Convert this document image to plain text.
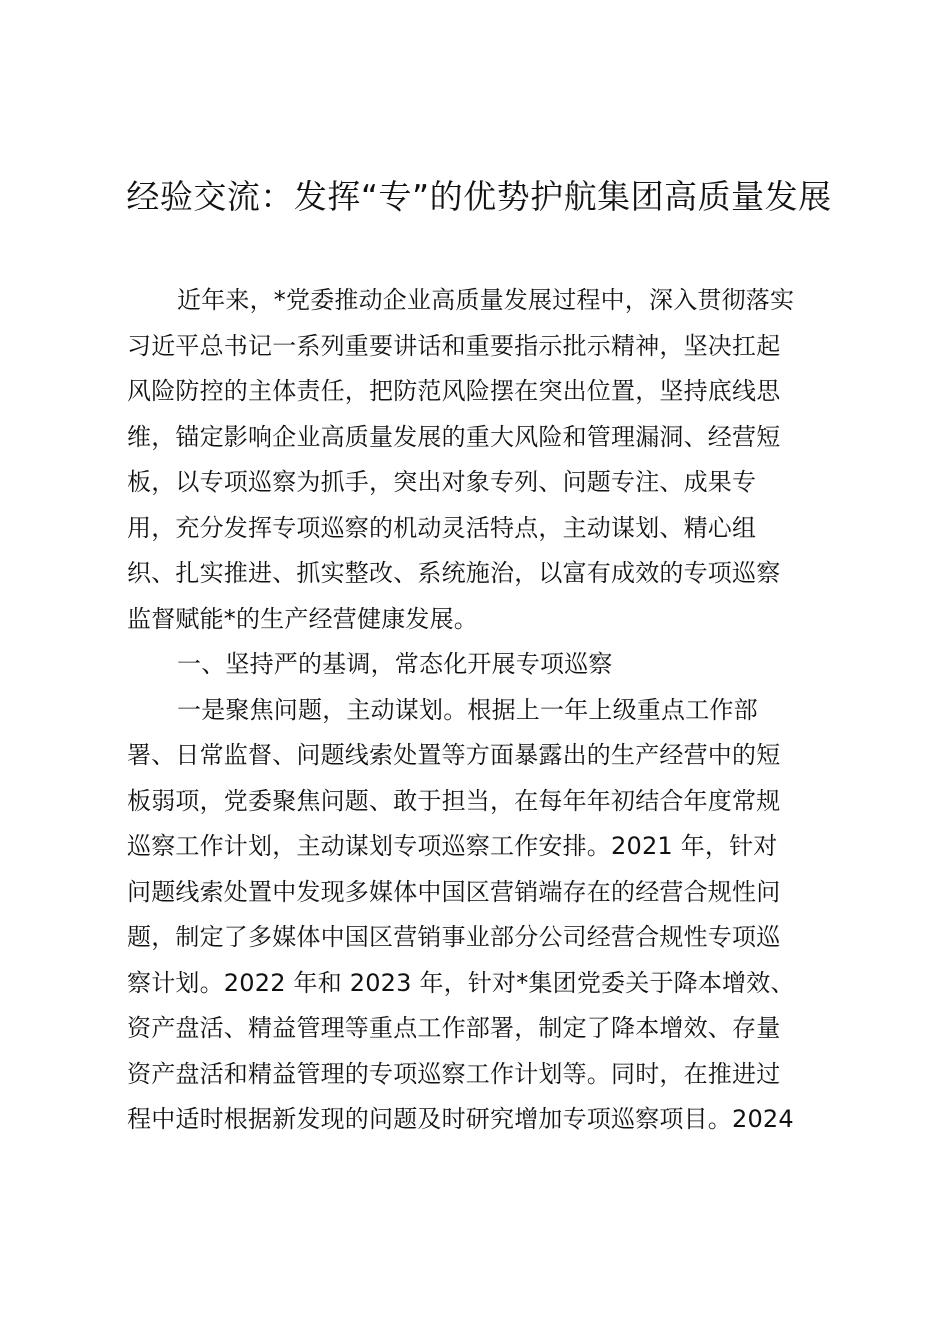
经验交流：发挥“专”的优势护航集团高质量发展
近年来，*党委推动企业高质量发展过程中，深入贯彻落实
习近平总书记一系列重要讲话和重要指示批示精神，坚决扛起
风险防控的主体责任，把防范风险摆在突出位置，坚持底线思
维，锚定影响企业高质量发展的重大风险和管理漏洞、经营短
板，以专项巡察为抓手，突出对象专列、问题专注、成果专
用，充分发挥专项巡察的机动灵活特点，主动谋划、精心组
织、扎实推进、抓实整改、系统施治，以富有成效的专项巡察
监督赋能*的生产经营健康发展。
一、坚持严的基调，常态化开展专项巡察
一是聚焦问题，主动谋划。根据上一年上级重点工作部
署、日常监督、问题线索处置等方面暴露出的生产经营中的短
板弱项，党委聚焦问题、敢于担当，在每年年初结合年度常规
巡察工作计划，主动谋划专项巡察工作安排。2021 年，针对
问题线索处置中发现多媒体中国区营销端存在的经营合规性问
题，制定了多媒体中国区营销事业部分公司经营合规性专项巡
察计划。2022 年和 2023 年，针对*集团党委关于降本增效、
资产盘活、精益管理等重点工作部署，制定了降本增效、存量
资产盘活和精益管理的专项巡察工作计划等。同时，在推进过
程中适时根据新发现的问题及时研究增加专项巡察项目。2024
